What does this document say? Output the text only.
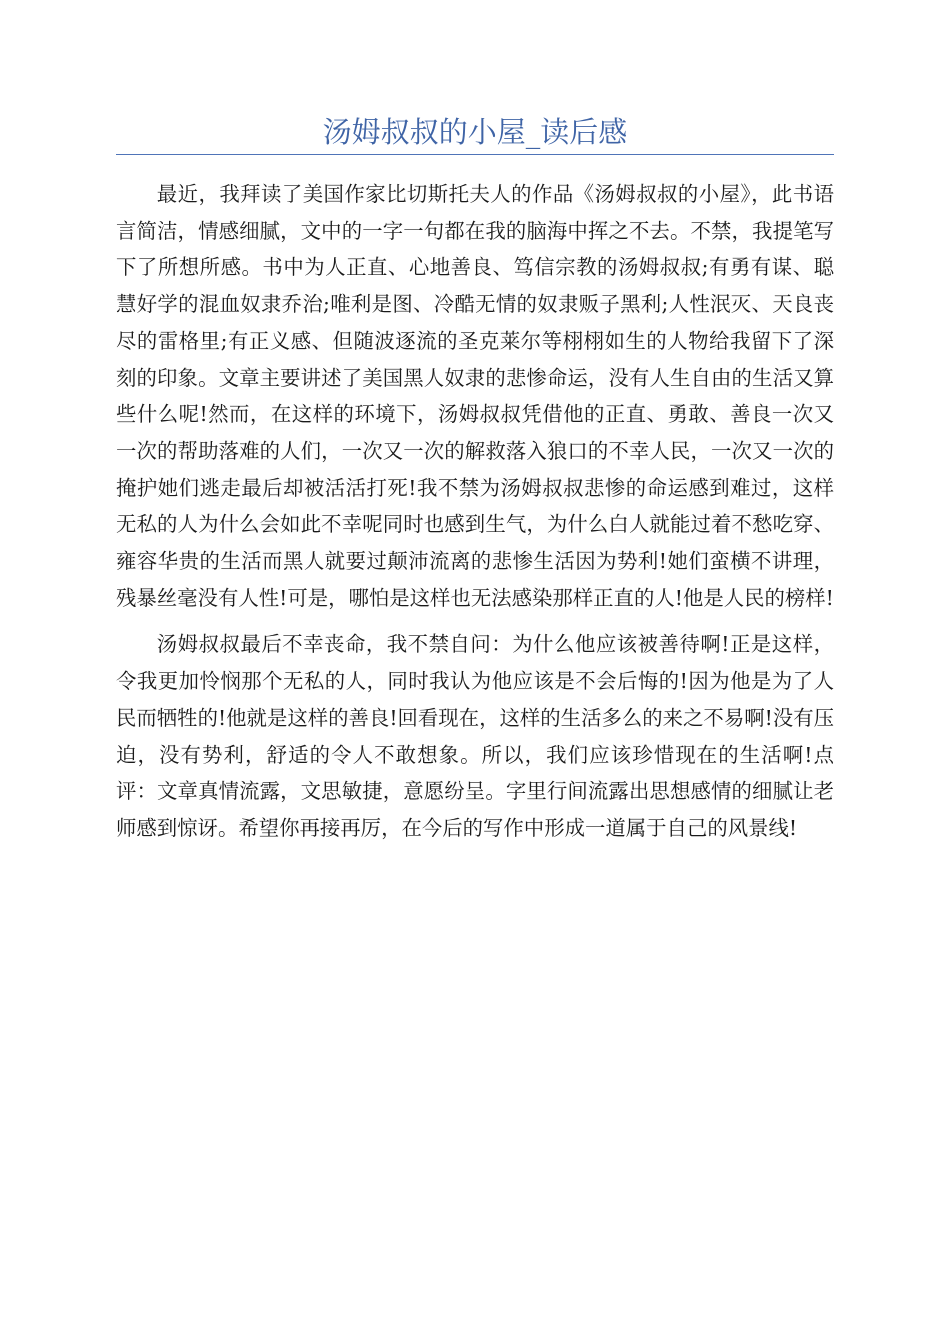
汤姆叔叔的小屋_读后感

最近，我拜读了美国作家比切斯托夫人的作品《汤姆叔叔的小屋》，此书语言简洁，情感细腻，文中的一字一句都在我的脑海中挥之不去。不禁，我提笔写下了所想所感。书中为人正直、心地善良、笃信宗教的汤姆叔叔;有勇有谋、聪慧好学的混血奴隶乔治;唯利是图、冷酷无情的奴隶贩子黑利;人性泯灭、天良丧尽的雷格里;有正义感、但随波逐流的圣克莱尔等栩栩如生的人物给我留下了深刻的印象。文章主要讲述了美国黑人奴隶的悲惨命运，没有人生自由的生活又算些什么呢!然而，在这样的环境下，汤姆叔叔凭借他的正直、勇敢、善良一次又一次的帮助落难的人们，一次又一次的解救落入狼口的不幸人民，一次又一次的掩护她们逃走最后却被活活打死!我不禁为汤姆叔叔悲惨的命运感到难过，这样无私的人为什么会如此不幸呢同时也感到生气，为什么白人就能过着不愁吃穿、雍容华贵的生活而黑人就要过颠沛流离的悲惨生活因为势利!她们蛮横不讲理，残暴丝毫没有人性!可是，哪怕是这样也无法感染那样正直的人!他是人民的榜样!

汤姆叔叔最后不幸丧命，我不禁自问：为什么他应该被善待啊!正是这样，令我更加怜悯那个无私的人，同时我认为他应该是不会后悔的!因为他是为了人民而牺牲的!他就是这样的善良!回看现在，这样的生活多么的来之不易啊!没有压迫，没有势利，舒适的令人不敢想象。所以，我们应该珍惜现在的生活啊!点评：文章真情流露，文思敏捷，意愿纷呈。字里行间流露出思想感情的细腻让老师感到惊讶。希望你再接再厉，在今后的写作中形成一道属于自己的风景线!
